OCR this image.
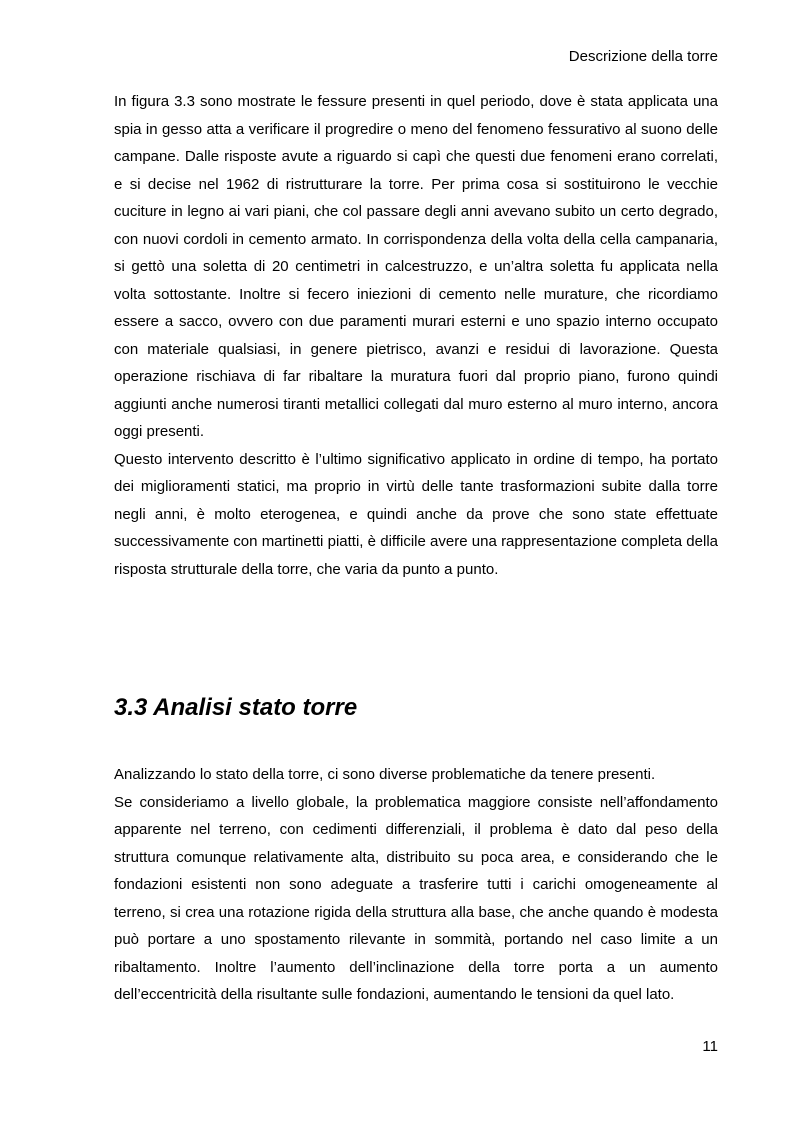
Descrizione della torre

In figura 3.3 sono mostrate le fessure presenti in quel periodo, dove è stata applicata una spia in gesso atta a verificare il progredire o meno del fenomeno fessurativo al suono delle campane. Dalle risposte avute a riguardo si capì che questi due fenomeni erano correlati, e si decise nel 1962 di ristrutturare la torre. Per prima cosa si sostituirono le vecchie cuciture in legno ai vari piani, che col passare degli anni avevano subito un certo degrado, con nuovi cordoli in cemento armato. In corrispondenza della volta della cella campanaria, si gettò una soletta di 20 centimetri in calcestruzzo, e un’altra soletta fu applicata nella volta sottostante. Inoltre si fecero iniezioni di cemento nelle murature, che ricordiamo essere a sacco, ovvero con due paramenti murari esterni e uno spazio interno occupato con materiale qualsiasi, in genere pietrisco, avanzi e residui di lavorazione. Questa operazione rischiava di far ribaltare la muratura fuori dal proprio piano, furono quindi aggiunti anche numerosi tiranti metallici collegati dal muro esterno al muro interno, ancora oggi presenti.

Questo intervento descritto è l’ultimo significativo applicato in ordine di tempo, ha portato dei miglioramenti statici, ma proprio in virtù delle tante trasformazioni subite dalla torre negli anni, è molto eterogenea, e quindi anche da prove che sono state effettuate successivamente con martinetti piatti, è difficile avere una rappresentazione completa della risposta strutturale della torre, che varia da punto a punto.

3.3 Analisi stato torre

Analizzando lo stato della torre, ci sono diverse problematiche da tenere presenti.

Se consideriamo a livello globale, la problematica maggiore consiste nell’affondamento apparente nel terreno, con cedimenti differenziali, il problema è dato dal peso della struttura comunque relativamente alta, distribuito su poca area, e considerando che le fondazioni esistenti non sono adeguate a trasferire tutti i carichi omogeneamente al terreno, si crea una rotazione rigida della struttura alla base, che anche quando è modesta può portare a uno spostamento rilevante in sommità, portando nel caso limite a un ribaltamento. Inoltre l’aumento dell’inclinazione della torre porta a un aumento dell’eccentricità della risultante sulle fondazioni, aumentando le tensioni da quel lato.

11
